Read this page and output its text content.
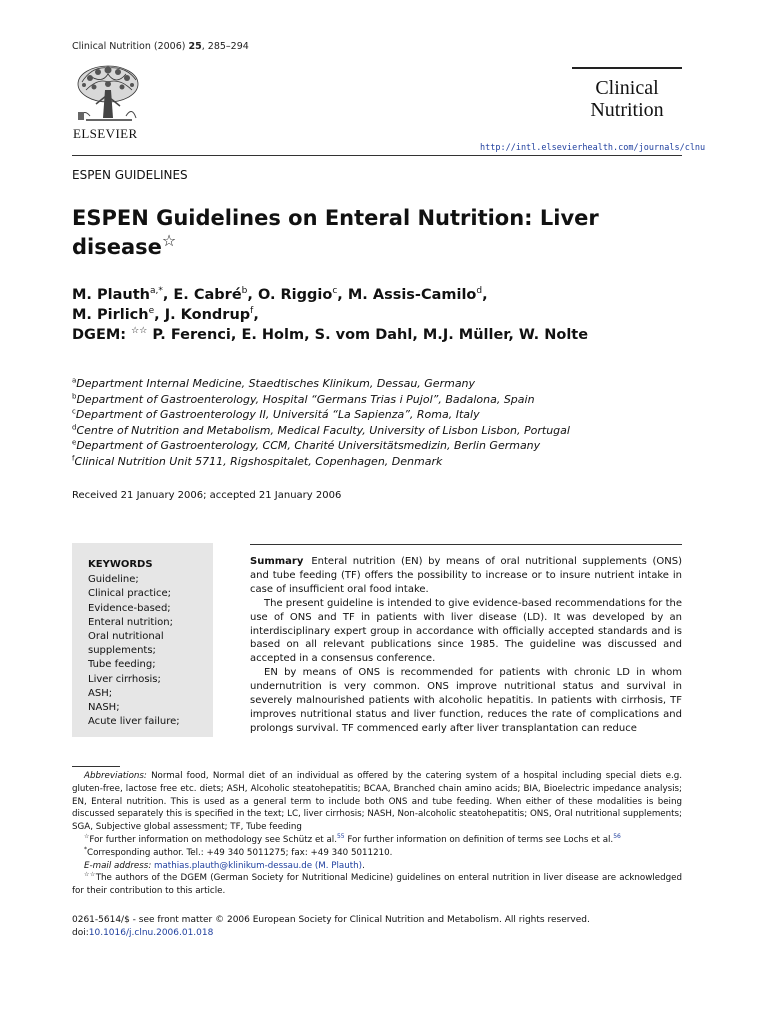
Clinical Nutrition (2006) 25, 285–294
ELSEVIER
Clinical
Nutrition
http://intl.elsevierhealth.com/journals/clnu
ESPEN GUIDELINES
ESPEN Guidelines on Enteral Nutrition: Liver disease☆
M. Plauth$^{a,*}$, E. Cabré$^b$, O. Riggio$^c$, M. Assis-Camilo$^d$,
M. Pirlich$^e$, J. Kondrup$^f$,
DGEM: ☆☆ P. Ferenci, E. Holm, S. vom Dahl, M.J. Müller, W. Nolte
$^a$Department Internal Medicine, Staedtisches Klinikum, Dessau, Germany
$^b$Department of Gastroenterology, Hospital “Germans Trias i Pujol”, Badalona, Spain
$^c$Department of Gastroenterology II, Universitá “La Sapienza”, Roma, Italy
$^d$Centre of Nutrition and Metabolism, Medical Faculty, University of Lisbon Lisbon, Portugal
$^e$Department of Gastroenterology, CCM, Charité Universitätsmedizin, Berlin Germany
$^f$Clinical Nutrition Unit 5711, Rigshospitalet, Copenhagen, Denmark
Received 21 January 2006; accepted 21 January 2006
KEYWORDS
Guideline;
Clinical practice;
Evidence-based;
Enteral nutrition;
Oral nutritional supplements;
Tube feeding;
Liver cirrhosis;
ASH;
NASH;
Acute liver failure;

Summary Enteral nutrition (EN) by means of oral nutritional supplements (ONS) and tube feeding (TF) offers the possibility to increase or to insure nutrient intake in case of insufficient oral food intake.

The present guideline is intended to give evidence-based recommendations for the use of ONS and TF in patients with liver disease (LD). It was developed by an interdisciplinary expert group in accordance with officially accepted standards and is based on all relevant publications since 1985. The guideline was discussed and accepted in a consensus conference.

EN by means of ONS is recommended for patients with chronic LD in whom undernutrition is very common. ONS improve nutritional status and survival in severely malnourished patients with alcoholic hepatitis. In patients with cirrhosis, TF improves nutritional status and liver function, reduces the rate of complications and prolongs survival. TF commenced early after liver transplantation can reduce

Abbreviations: Normal food, Normal diet of an individual as offered by the catering system of a hospital including special diets e.g. gluten-free, lactose free etc. diets; ASH, Alcoholic steatohepatitis; BCAA, Branched chain amino acids; BIA, Bioelectric impedance analysis; EN, Enteral nutrition. This is used as a general term to include both ONS and tube feeding. When either of these modalities is being discussed separately this is specified in the text; LC, liver cirrhosis; NASH, Non-alcoholic steatohepatitis; ONS, Oral nutritional supplements; SGA, Subjective global assessment; TF, Tube feeding

☆For further information on methodology see Schütz et al.$^{55}$ For further information on definition of terms see Lochs et al.$^{56}$

*Corresponding author. Tel.: +49 340 5011275; fax: +49 340 5011210.

E-mail address: mathias.plauth@klinikum-dessau.de (M. Plauth).

☆☆The authors of the DGEM (German Society for Nutritional Medicine) guidelines on enteral nutrition in liver disease are acknowledged for their contribution to this article.

0261-5614/$ - see front matter © 2006 European Society for Clinical Nutrition and Metabolism. All rights reserved.
doi:10.1016/j.clnu.2006.01.018
